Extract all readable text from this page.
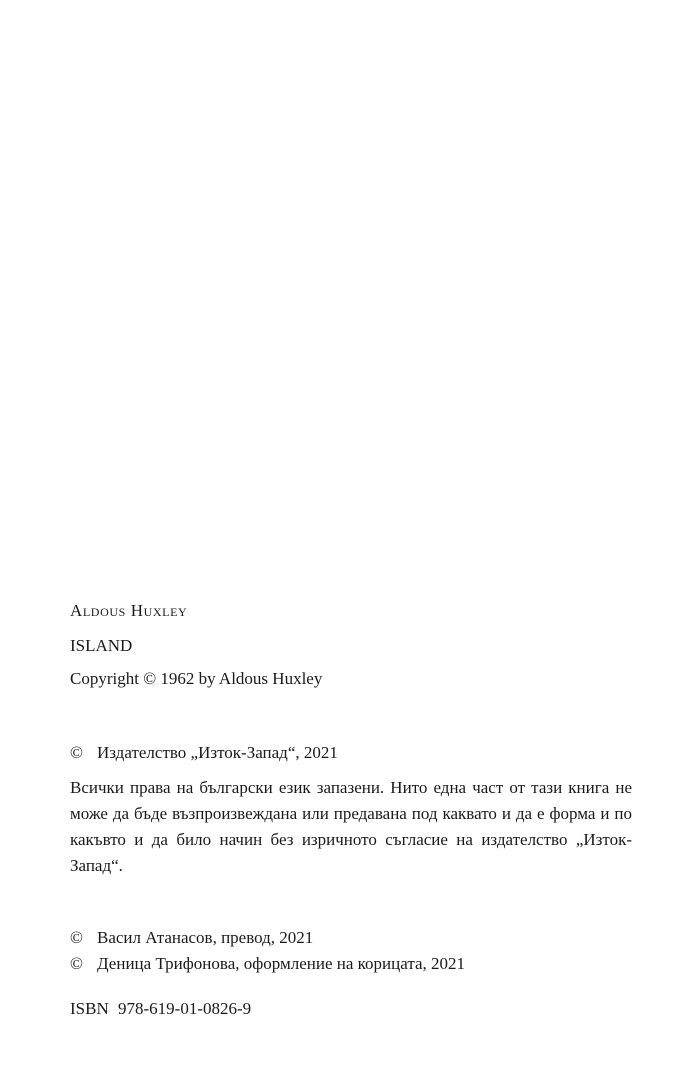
Aldous Huxley
ISLAND
Copyright © 1962 by Aldous Huxley
© Издателство „Изток-Запад“, 2021
Всички права на български език запазени. Нито една част от тази книга не може да бъде възпроизвеждана или предавана под каквато и да е форма и по какъвто и да било начин без изричното съгласие на издателство „Изток-Запад“.
© Васил Атанасов, превод, 2021
© Деница Трифонова, оформление на корицата, 2021
ISBN 978-619-01-0826-9
